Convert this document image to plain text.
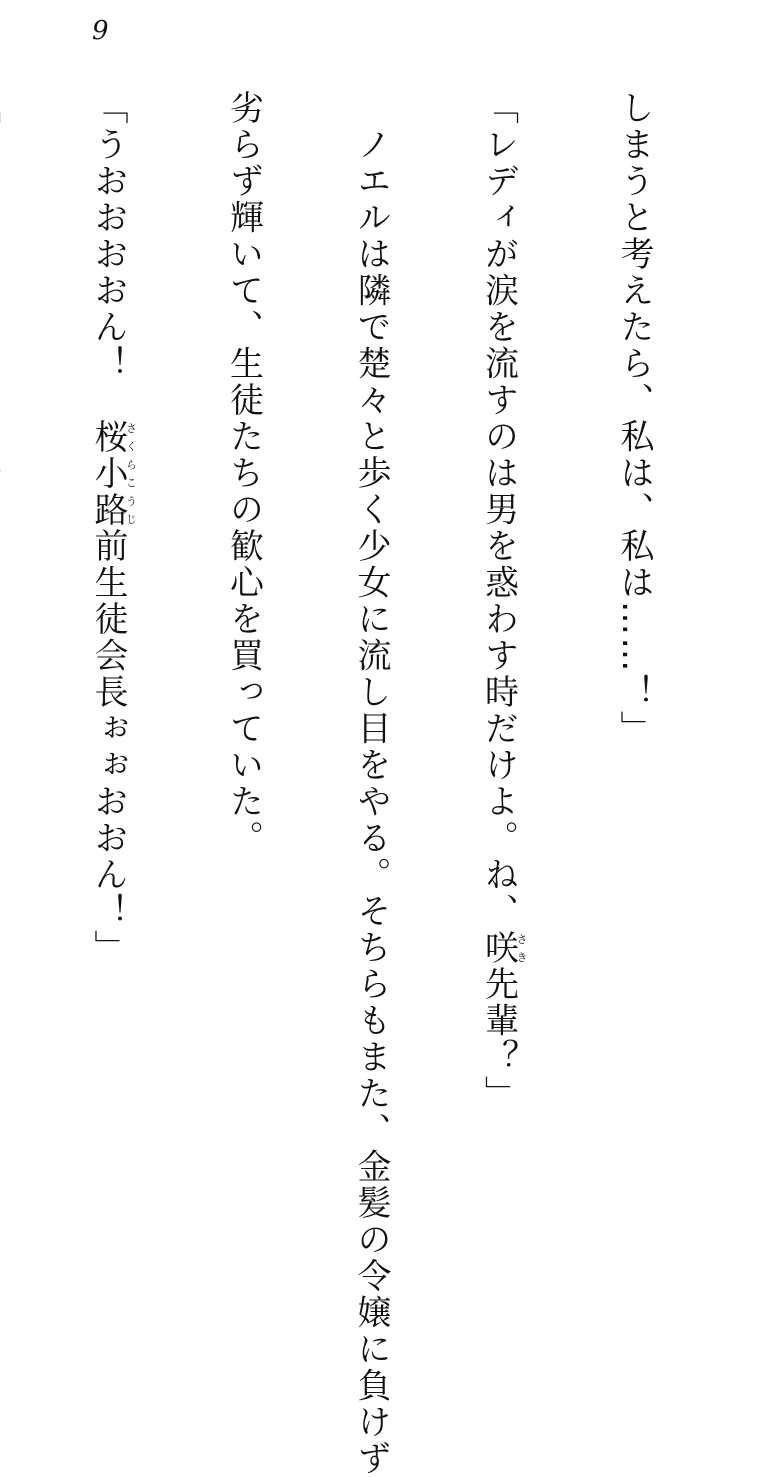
9

しまうと考えたら、私は、私は……！」

「レディが涙を流すのは男を惑わす時だけよ。ね、咲さき先輩？」

　ノエルは隣で楚々と歩く少女に流し目をやる。そちらもまた、金髪の令嬢に負けず

劣らず輝いて、生徒たちの歓心を買っていた。

「うおおおおん！　桜小路さくらこうじ前生徒会長ぉぉおおん！」
